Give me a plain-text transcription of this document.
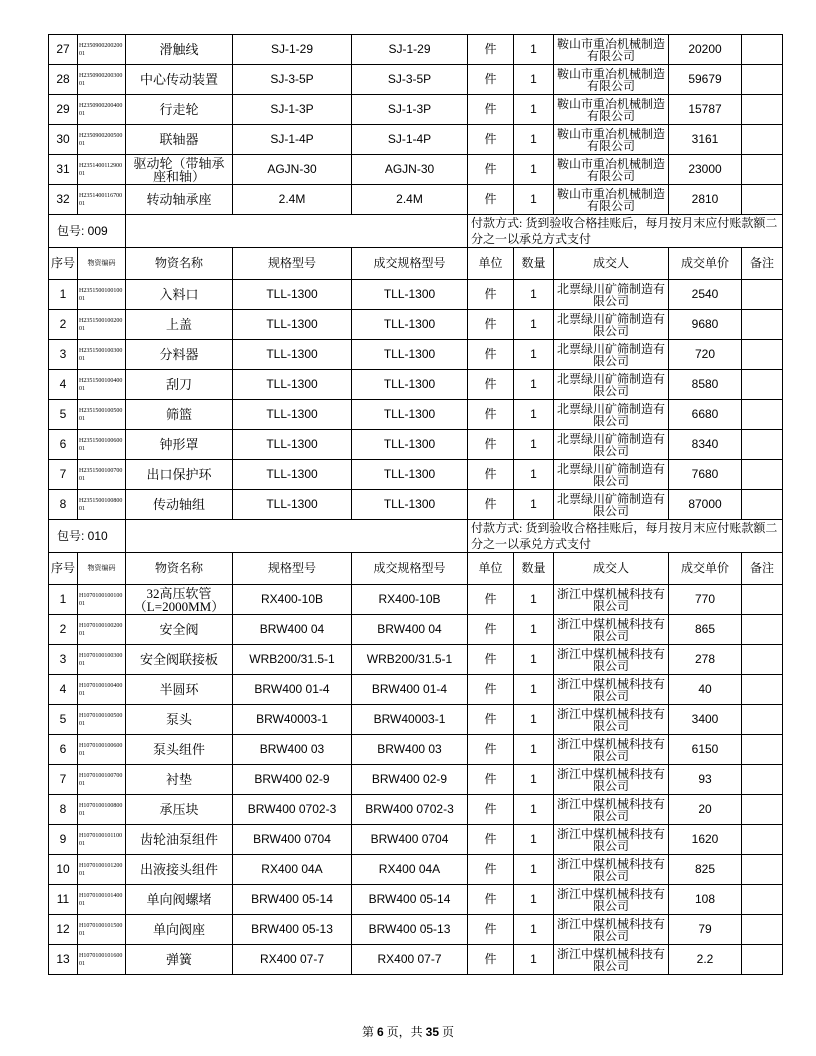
27	H235090020020001	滑触线	SJ-1-29	SJ-1-29	件	1	鞍山市重冶机械制造有限公司	20200	
28	H235090020030001	中心传动装置	SJ-3-5P	SJ-3-5P	件	1	鞍山市重冶机械制造有限公司	59679	
29	H235090020040001	行走轮	SJ-1-3P	SJ-1-3P	件	1	鞍山市重冶机械制造有限公司	15787	
30	H235090020050001	联轴器	SJ-1-4P	SJ-1-4P	件	1	鞍山市重冶机械制造有限公司	3161	
31	H235140011290001	驱动轮（带轴承座和轴）	AGJN-30	AGJN-30	件	1	鞍山市重冶机械制造有限公司	23000	
32	H235140011670001	转动轴承座	2.4M	2.4M	件	1	鞍山市重冶机械制造有限公司	2810	
包号: 009					付款方式: 货到验收合格挂账后，每月按月末应付账款额二分之一以承兑方式支付				
序号	物资编码	物资名称	规格型号	成交规格型号	单位	数量	成交人	成交单价	备注
1	H235150010010001	入料口	TLL-1300	TLL-1300	件	1	北票绿川矿筛制造有限公司	2540	
2	H235150010020001	上盖	TLL-1300	TLL-1300	件	1	北票绿川矿筛制造有限公司	9680	
3	H235150010030001	分料器	TLL-1300	TLL-1300	件	1	北票绿川矿筛制造有限公司	720	
4	H235150010040001	刮刀	TLL-1300	TLL-1300	件	1	北票绿川矿筛制造有限公司	8580	
5	H235150010050001	筛篮	TLL-1300	TLL-1300	件	1	北票绿川矿筛制造有限公司	6680	
6	H235150010060001	钟形罩	TLL-1300	TLL-1300	件	1	北票绿川矿筛制造有限公司	8340	
7	H235150010070001	出口保护环	TLL-1300	TLL-1300	件	1	北票绿川矿筛制造有限公司	7680	
8	H235150010080001	传动轴组	TLL-1300	TLL-1300	件	1	北票绿川矿筛制造有限公司	87000	
包号: 010					付款方式: 货到验收合格挂账后，每月按月末应付账款额二分之一以承兑方式支付				
序号	物资编码	物资名称	规格型号	成交规格型号	单位	数量	成交人	成交单价	备注
1	H107010010010001	32高压软管（L=2000MM）	RX400-10B	RX400-10B	件	1	浙江中煤机械科技有限公司	770	
2	H107010010020001	安全阀	BRW400 04	BRW400 04	件	1	浙江中煤机械科技有限公司	865	
3	H107010010030001	安全阀联接板	WRB200/31.5-1	WRB200/31.5-1	件	1	浙江中煤机械科技有限公司	278	
4	H107010010040001	半圆环	BRW400 01-4	BRW400 01-4	件	1	浙江中煤机械科技有限公司	40	
5	H107010010050001	泵头	BRW40003-1	BRW40003-1	件	1	浙江中煤机械科技有限公司	3400	
6	H107010010060001	泵头组件	BRW400 03	BRW400 03	件	1	浙江中煤机械科技有限公司	6150	
7	H107010010070001	衬垫	BRW400 02-9	BRW400 02-9	件	1	浙江中煤机械科技有限公司	93	
8	H107010010080001	承压块	BRW400 0702-3	BRW400 0702-3	件	1	浙江中煤机械科技有限公司	20	
9	H107010010110001	齿轮油泵组件	BRW400 0704	BRW400 0704	件	1	浙江中煤机械科技有限公司	1620	
10	H107010010120001	出液接头组件	RX400 04A	RX400 04A	件	1	浙江中煤机械科技有限公司	825	
11	H107010010140001	单向阀螺堵	BRW400 05-14	BRW400 05-14	件	1	浙江中煤机械科技有限公司	108	
12	H107010010150001	单向阀座	BRW400 05-13	BRW400 05-13	件	1	浙江中煤机械科技有限公司	79	
13	H107010010160001	弹簧	RX400 07-7	RX400 07-7	件	1	浙江中煤机械科技有限公司	2.2	
第 6 页，共 35 页
